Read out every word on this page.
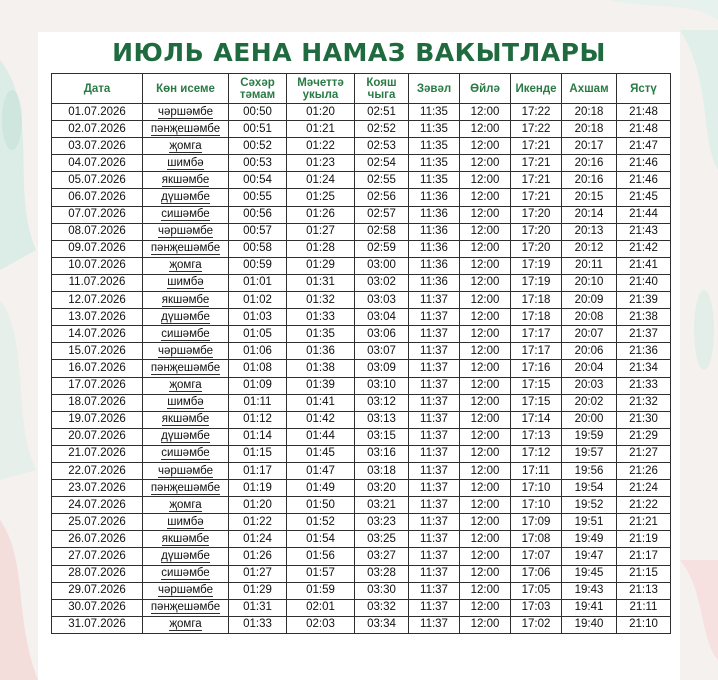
ИЮЛЬ АЕНА НАМАЗ ВАКЫТЛАРЫ
Дата	Көн исеме	Сәхәр тәмам	Мәчеттә укыла	Кояш чыга	Зәвәл	Өйлә	Икенде	Ахшам	Ястү
01.07.2026	чәршәмбе	00:50	01:20	02:51	11:35	12:00	17:22	20:18	21:48
02.07.2026	пәнҗешәмбе	00:51	01:21	02:52	11:35	12:00	17:22	20:18	21:48
03.07.2026	җомга	00:52	01:22	02:53	11:35	12:00	17:21	20:17	21:47
04.07.2026	шимбә	00:53	01:23	02:54	11:35	12:00	17:21	20:16	21:46
05.07.2026	якшәмбе	00:54	01:24	02:55	11:35	12:00	17:21	20:16	21:46
06.07.2026	дүшәмбе	00:55	01:25	02:56	11:36	12:00	17:21	20:15	21:45
07.07.2026	сишәмбе	00:56	01:26	02:57	11:36	12:00	17:20	20:14	21:44
08.07.2026	чәршәмбе	00:57	01:27	02:58	11:36	12:00	17:20	20:13	21:43
09.07.2026	пәнҗешәмбе	00:58	01:28	02:59	11:36	12:00	17:20	20:12	21:42
10.07.2026	җомга	00:59	01:29	03:00	11:36	12:00	17:19	20:11	21:41
11.07.2026	шимбә	01:01	01:31	03:02	11:36	12:00	17:19	20:10	21:40
12.07.2026	якшәмбе	01:02	01:32	03:03	11:37	12:00	17:18	20:09	21:39
13.07.2026	дүшәмбе	01:03	01:33	03:04	11:37	12:00	17:18	20:08	21:38
14.07.2026	сишәмбе	01:05	01:35	03:06	11:37	12:00	17:17	20:07	21:37
15.07.2026	чәршәмбе	01:06	01:36	03:07	11:37	12:00	17:17	20:06	21:36
16.07.2026	пәнҗешәмбе	01:08	01:38	03:09	11:37	12:00	17:16	20:04	21:34
17.07.2026	җомга	01:09	01:39	03:10	11:37	12:00	17:15	20:03	21:33
18.07.2026	шимбә	01:11	01:41	03:12	11:37	12:00	17:15	20:02	21:32
19.07.2026	якшәмбе	01:12	01:42	03:13	11:37	12:00	17:14	20:00	21:30
20.07.2026	дүшәмбе	01:14	01:44	03:15	11:37	12:00	17:13	19:59	21:29
21.07.2026	сишәмбе	01:15	01:45	03:16	11:37	12:00	17:12	19:57	21:27
22.07.2026	чәршәмбе	01:17	01:47	03:18	11:37	12:00	17:11	19:56	21:26
23.07.2026	пәнҗешәмбе	01:19	01:49	03:20	11:37	12:00	17:10	19:54	21:24
24.07.2026	җомга	01:20	01:50	03:21	11:37	12:00	17:10	19:52	21:22
25.07.2026	шимбә	01:22	01:52	03:23	11:37	12:00	17:09	19:51	21:21
26.07.2026	якшәмбе	01:24	01:54	03:25	11:37	12:00	17:08	19:49	21:19
27.07.2026	дүшәмбе	01:26	01:56	03:27	11:37	12:00	17:07	19:47	21:17
28.07.2026	сишәмбе	01:27	01:57	03:28	11:37	12:00	17:06	19:45	21:15
29.07.2026	чәршәмбе	01:29	01:59	03:30	11:37	12:00	17:05	19:43	21:13
30.07.2026	пәнҗешәмбе	01:31	02:01	03:32	11:37	12:00	17:03	19:41	21:11
31.07.2026	җомга	01:33	02:03	03:34	11:37	12:00	17:02	19:40	21:10
